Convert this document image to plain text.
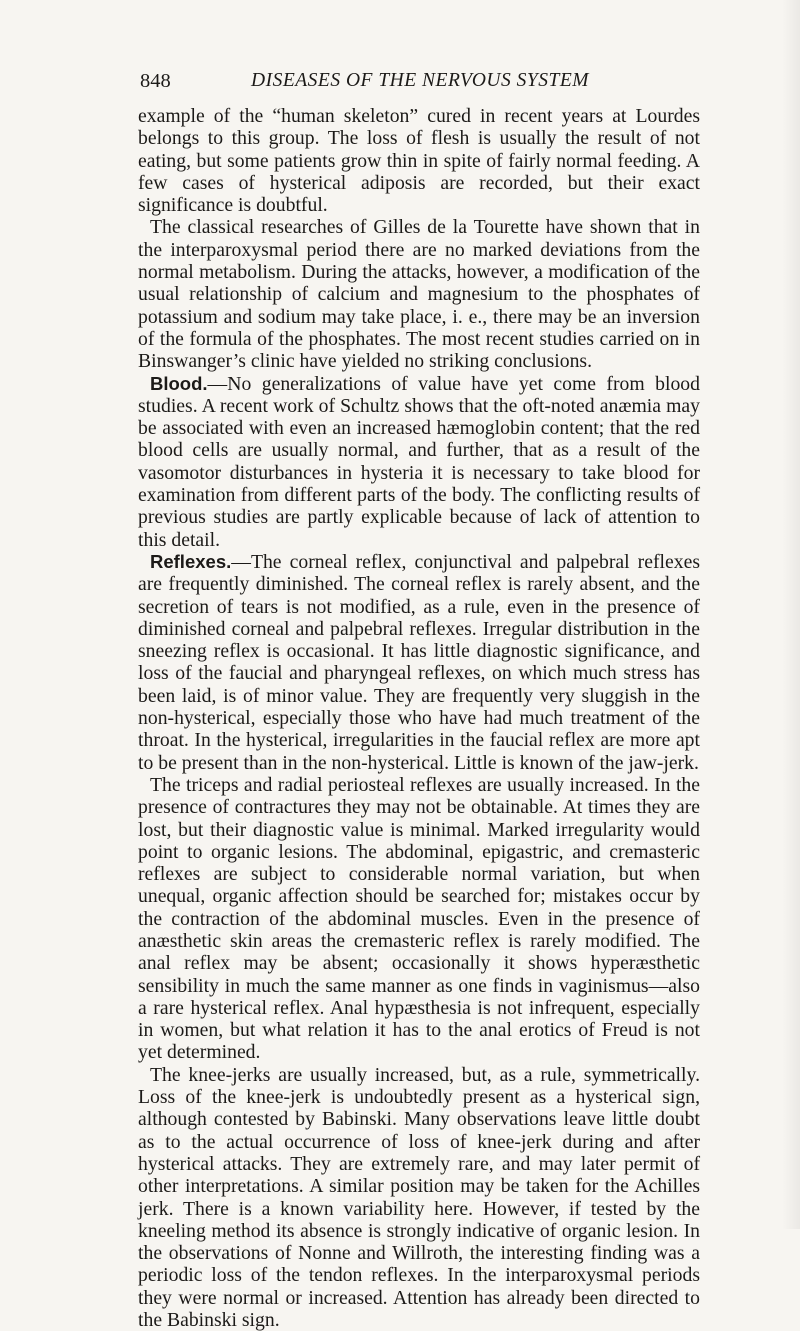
848	DISEASES OF THE NERVOUS SYSTEM

example of the “human skeleton” cured in recent years at Lourdes belongs to this group. The loss of flesh is usually the result of not eating, but some patients grow thin in spite of fairly normal feeding. A few cases of hysterical adiposis are recorded, but their exact significance is doubtful.

The classical researches of Gilles de la Tourette have shown that in the interparoxysmal period there are no marked deviations from the normal metabolism. During the attacks, however, a modification of the usual relationship of calcium and magnesium to the phosphates of potassium and sodium may take place, i. e., there may be an inversion of the formula of the phosphates. The most recent studies carried on in Binswanger’s clinic have yielded no striking conclusions.

Blood.—No generalizations of value have yet come from blood studies. A recent work of Schultz shows that the oft-noted anæmia may be associated with even an increased hæmoglobin content; that the red blood cells are usually normal, and further, that as a result of the vasomotor disturbances in hysteria it is necessary to take blood for examination from different parts of the body. The conflicting results of previous studies are partly explicable because of lack of attention to this detail.

Reflexes.—The corneal reflex, conjunctival and palpebral reflexes are frequently diminished. The corneal reflex is rarely absent, and the secretion of tears is not modified, as a rule, even in the presence of diminished corneal and palpebral reflexes. Irregular distribution in the sneezing reflex is occasional. It has little diagnostic significance, and loss of the faucial and pharyngeal reflexes, on which much stress has been laid, is of minor value. They are frequently very sluggish in the non-hysterical, especially those who have had much treatment of the throat. In the hysterical, irregularities in the faucial reflex are more apt to be present than in the non-hysterical. Little is known of the jaw-jerk.

The triceps and radial periosteal reflexes are usually increased. In the presence of contractures they may not be obtainable. At times they are lost, but their diagnostic value is minimal. Marked irregularity would point to organic lesions. The abdominal, epigastric, and cremasteric reflexes are subject to considerable normal variation, but when unequal, organic affection should be searched for; mistakes occur by the contraction of the abdominal muscles. Even in the presence of anæsthetic skin areas the cremasteric reflex is rarely modified. The anal reflex may be absent; occasionally it shows hyperæsthetic sensibility in much the same manner as one finds in vaginismus—also a rare hysterical reflex. Anal hypæsthesia is not infrequent, especially in women, but what relation it has to the anal erotics of Freud is not yet determined.

The knee-jerks are usually increased, but, as a rule, symmetrically. Loss of the knee-jerk is undoubtedly present as a hysterical sign, although contested by Babinski. Many observations leave little doubt as to the actual occurrence of loss of knee-jerk during and after hysterical attacks. They are extremely rare, and may later permit of other interpretations. A similar position may be taken for the Achilles jerk. There is a known variability here. However, if tested by the kneeling method its absence is strongly indicative of organic lesion. In the observations of Nonne and Willroth, the interesting finding was a periodic loss of the tendon reflexes. In the interparoxysmal periods they were normal or increased. Attention has already been directed to the Babinski sign.
